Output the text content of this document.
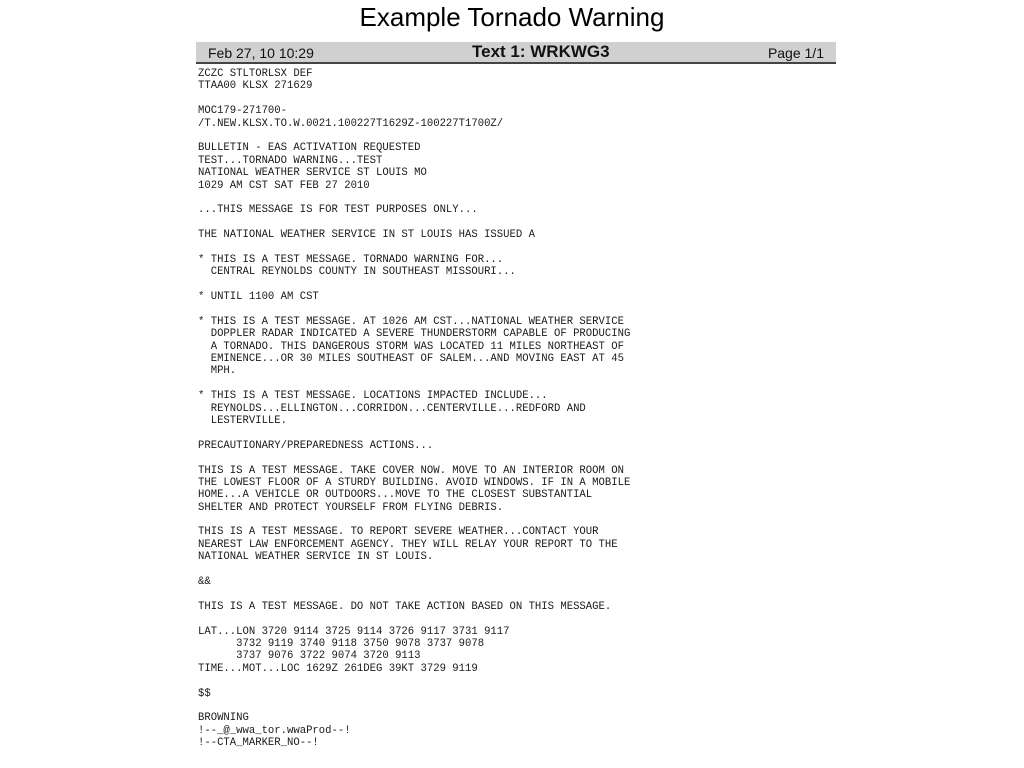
Example Tornado Warning
Feb 27, 10 10:29	Text 1: WRKWG3	Page 1/1
ZCZC STLTORLSX DEF
TTAA00 KLSX 271629
MOC179-271700-
/T.NEW.KLSX.TO.W.0021.100227T1629Z-100227T1700Z/
BULLETIN - EAS ACTIVATION REQUESTED
TEST...TORNADO WARNING...TEST
NATIONAL WEATHER SERVICE ST LOUIS MO
1029 AM CST SAT FEB 27 2010
...THIS MESSAGE IS FOR TEST PURPOSES ONLY...
THE NATIONAL WEATHER SERVICE IN ST LOUIS HAS ISSUED A
* THIS IS A TEST MESSAGE. TORNADO WARNING FOR...
CENTRAL REYNOLDS COUNTY IN SOUTHEAST MISSOURI...
* UNTIL 1100 AM CST
* THIS IS A TEST MESSAGE. AT 1026 AM CST...NATIONAL WEATHER SERVICE
DOPPLER RADAR INDICATED A SEVERE THUNDERSTORM CAPABLE OF PRODUCING
A TORNADO. THIS DANGEROUS STORM WAS LOCATED 11 MILES NORTHEAST OF
EMINENCE...OR 30 MILES SOUTHEAST OF SALEM...AND MOVING EAST AT 45
MPH.
* THIS IS A TEST MESSAGE. LOCATIONS IMPACTED INCLUDE...
REYNOLDS...ELLINGTON...CORRIDON...CENTERVILLE...REDFORD AND
LESTERVILLE.
PRECAUTIONARY/PREPAREDNESS ACTIONS...
THIS IS A TEST MESSAGE. TAKE COVER NOW. MOVE TO AN INTERIOR ROOM ON
THE LOWEST FLOOR OF A STURDY BUILDING. AVOID WINDOWS. IF IN A MOBILE
HOME...A VEHICLE OR OUTDOORS...MOVE TO THE CLOSEST SUBSTANTIAL
SHELTER AND PROTECT YOURSELF FROM FLYING DEBRIS.
THIS IS A TEST MESSAGE. TO REPORT SEVERE WEATHER...CONTACT YOUR
NEAREST LAW ENFORCEMENT AGENCY. THEY WILL RELAY YOUR REPORT TO THE
NATIONAL WEATHER SERVICE IN ST LOUIS.
&&
THIS IS A TEST MESSAGE. DO NOT TAKE ACTION BASED ON THIS MESSAGE.
LAT...LON 3720 9114 3725 9114 3726 9117 3731 9117
3732 9119 3740 9118 3750 9078 3737 9078
3737 9076 3722 9074 3720 9113
TIME...MOT...LOC 1629Z 261DEG 39KT 3729 9119
$$
BROWNING
!--_@_wwa_tor.wwaProd--!
!--CTA_MARKER_NO--!
